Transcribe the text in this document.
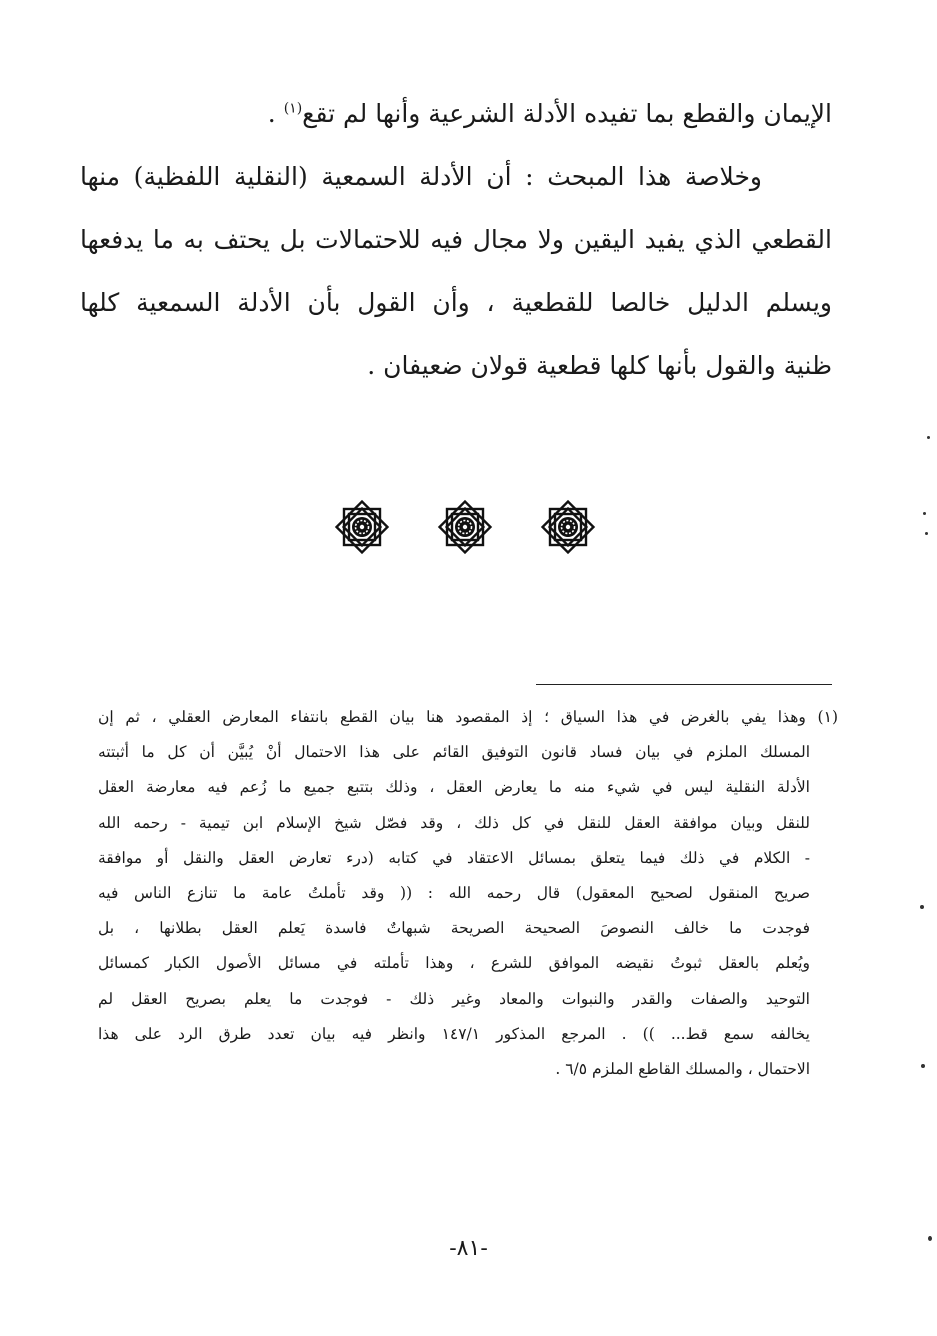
الإيمان والقطع بما تفيده الأدلة الشرعية وأنها لم تقع$^{(١)}$ .
وخلاصة هذا المبحث : أن الأدلة السمعية (النقلية اللفظية) منها
القطعي الذي يفيد اليقين ولا مجال فيه للاحتمالات بل يحتف به ما يدفعها
ويسلم الدليل خالصا للقطعية ، وأن القول بأن الأدلة السمعية كلها
ظنية والقول بأنها كلها قطعية قولان ضعيفان .
(١) وهذا يفي بالغرض في هذا السياق ؛ إذ المقصود هنا بيان القطع بانتفاء المعارض العقلي ، ثم إن
المسلك الملزم في بيان فساد قانون التوفيق القائم على هذا الاحتمال أنْ يُبيَّن أن كل ما أثبتته
الأدلة النقلية ليس في شيء منه ما يعارض العقل ، وذلك بتتبع جميع ما زُعم فيه معارضة العقل
للنقل وبيان موافقة العقل للنقل في كل ذلك ، وقد فصّل شيخ الإسلام ابن تيمية - رحمه الله
- الكلام في ذلك فيما يتعلق بمسائل الاعتقاد في كتابه (درء تعارض العقل والنقل أو موافقة
صريح المنقول لصحيح المعقول) قال رحمه الله : (( وقد تأملتُ عامة ما تنازع الناس فيه
فوجدت ما خالف النصوصَ الصحيحة الصريحة شبهاتٌ فاسدة يَعلم العقل بطلانها ، بل
ويُعلم بالعقل ثبوتُ نقيضه الموافق للشرع ، وهذا تأملته في مسائل الأصول الكبار كمسائل
التوحيد والصفات والقدر والنبوات والمعاد وغير ذلك - فوجدت ما يعلم بصريح العقل لم
يخالفه سمع قط... )) . المرجع المذكور ١٤٧/١ وانظر فيه بيان تعدد طرق الرد على هذا
الاحتمال ، والمسلك القاطع الملزم ٦/٥ .
-٨١-
